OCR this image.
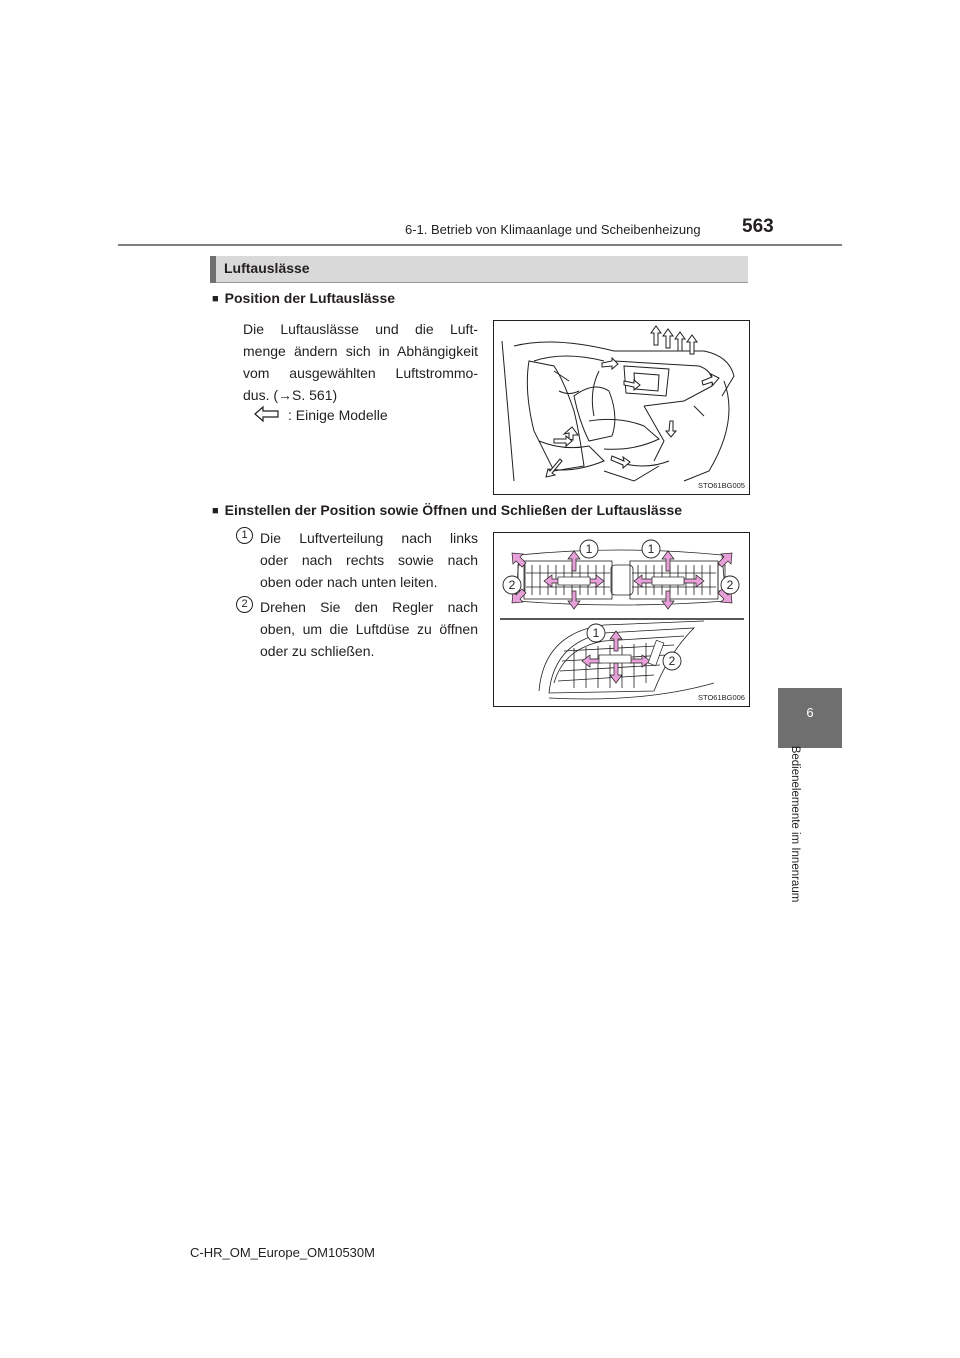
6-1. Betrieb von Klimaanlage und Scheibenheizung 563
6
Bedienelemente im Innenraum
Luftauslässe
■ Position der Luftauslässe
Die Luftauslässe und die Luft-
menge ändern sich in Abhängigkeit
vom ausgewählten Luftstrommo-
dus. (→S. 561)
: Einige Modelle
STO61BG005
■ Einstellen der Position sowie Öffnen und Schließen der Luftauslässe
1 Die Luftverteilung nach links
oder nach rechts sowie nach
oben oder nach unten leiten.
2 Drehen Sie den Regler nach
oben, um die Luftdüse zu öffnen
oder zu schließen.
1	1
2	2
1
2
STO61BG006
C-HR_OM_Europe_OM10530M
